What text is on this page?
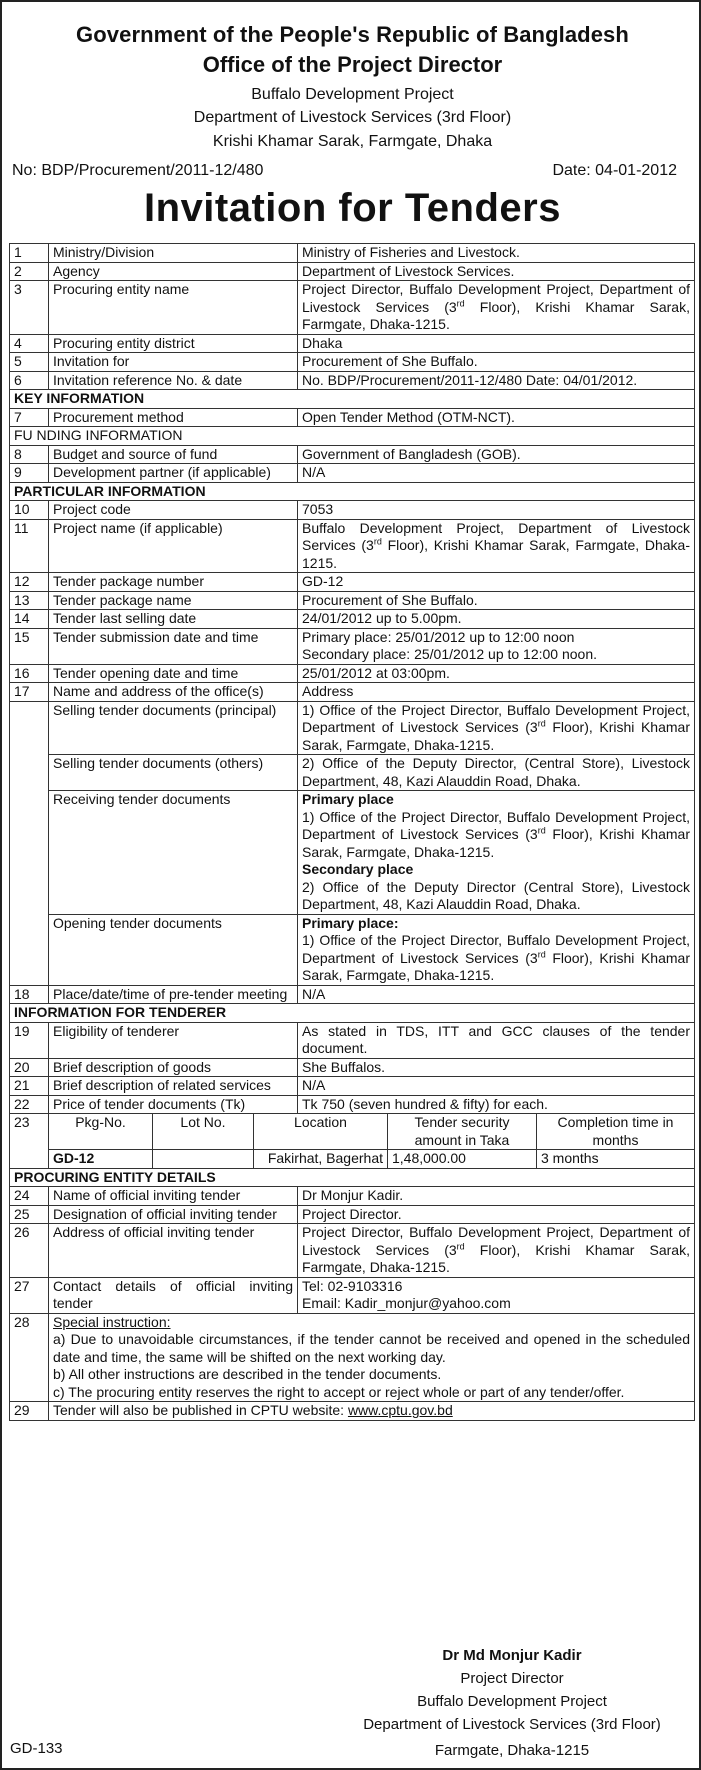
Government of the People's Republic of Bangladesh
Office of the Project Director
Buffalo Development Project
Department of Livestock Services (3rd Floor)
Krishi Khamar Sarak, Farmgate, Dhaka
No: BDP/Procurement/2011-12/480	Date: 04-01-2012
Invitation for Tenders
1	Ministry/Division	Ministry of Fisheries and Livestock.
2	Agency	Department of Livestock Services.
3	Procuring entity name	Project Director, Buffalo Development Project, Department of Livestock Services (3rd Floor), Krishi Khamar Sarak, Farmgate, Dhaka-1215.
4	Procuring entity district	Dhaka
5	Invitation for	Procurement of She Buffalo.
6	Invitation reference No. & date	No. BDP/Procurement/2011-12/480 Date: 04/01/2012.
KEY INFORMATION
7	Procurement method	Open Tender Method (OTM-NCT).
FU NDING INFORMATION
8	Budget and source of fund	Government of Bangladesh (GOB).
9	Development partner (if applicable)	N/A
PARTICULAR INFORMATION
10	Project code	7053
11	Project name (if applicable)	Buffalo Development Project, Department of Livestock Services (3rd Floor), Krishi Khamar Sarak, Farmgate, Dhaka-1215.
12	Tender package number	GD-12
13	Tender package name	Procurement of She Buffalo.
14	Tender last selling date	24/01/2012 up to 5.00pm.
15	Tender submission date and time	Primary place: 25/01/2012 up to 12:00 noon
Secondary place: 25/01/2012 up to 12:00 noon.
16	Tender opening date and time	25/01/2012 at 03:00pm.
17	Name and address of the office(s)	Address
	Selling tender documents (principal)	1) Office of the Project Director, Buffalo Development Project, Department of Livestock Services (3rd Floor), Krishi Khamar Sarak, Farmgate, Dhaka-1215.
Selling tender documents (others)	2) Office of the Deputy Director, (Central Store), Livestock Department, 48, Kazi Alauddin Road, Dhaka.
Receiving tender documents	Primary place
1) Office of the Project Director, Buffalo Development Project, Department of Livestock Services (3rd Floor), Krishi Khamar Sarak, Farmgate, Dhaka-1215.
Secondary place
2) Office of the Deputy Director (Central Store), Livestock Department, 48, Kazi Alauddin Road, Dhaka.
Opening tender documents	Primary place:
1) Office of the Project Director, Buffalo Development Project, Department of Livestock Services (3rd Floor), Krishi Khamar Sarak, Farmgate, Dhaka-1215.
18	Place/date/time of pre-tender meeting	N/A
INFORMATION FOR TENDERER
19	Eligibility of tenderer	As stated in TDS, ITT and GCC clauses of the tender document.
20	Brief description of goods	She Buffalos.
21	Brief description of related services	N/A
22	Price of tender documents (Tk)	Tk 750 (seven hundred & fifty) for each.
23		Pkg-No.	Lot No.	Location	Tender security amount in Taka	Completion time in months
GD-12		Fakirhat, Bagerhat	1,48,000.00	3 months

PROCURING ENTITY DETAILS
24	Name of official inviting tender	Dr Monjur Kadir.
25	Designation of official inviting tender	Project Director.
26	Address of official inviting tender	Project Director, Buffalo Development Project, Department of Livestock Services (3rd Floor), Krishi Khamar Sarak, Farmgate, Dhaka-1215.
27	Contact details of official inviting tender	Tel: 02-9103316
Email: Kadir_monjur@yahoo.com
28	Special instruction:
a) Due to unavoidable circumstances, if the tender cannot be received and opened in the scheduled date and time, the same will be shifted on the next working day.
b) All other instructions are described in the tender documents.
c) The procuring entity reserves the right to accept or reject whole or part of any tender/offer.
29	Tender will also be published in CPTU website: www.cptu.gov.bd
Dr Md Monjur Kadir
Project Director
Buffalo Development Project
Department of Livestock Services (3rd Floor)
Farmgate, Dhaka-1215
GD-133
